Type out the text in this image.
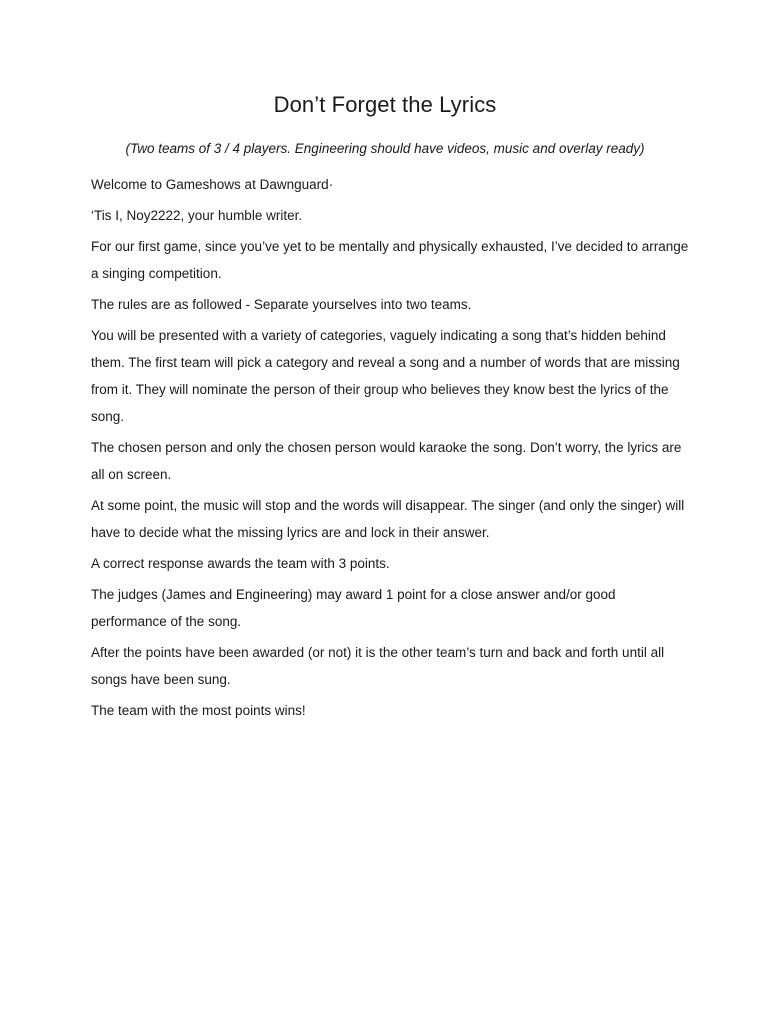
Don’t Forget the Lyrics

(Two teams of 3 / 4 players. Engineering should have videos, music and overlay ready)

Welcome to Gameshows at Dawnguard·

‘Tis I, Noy2222, your humble writer.

For our first game, since you’ve yet to be mentally and physically exhausted, I’ve decided to arrange a singing competition.

The rules are as followed - Separate yourselves into two teams.

You will be presented with a variety of categories, vaguely indicating a song that’s hidden behind them. The first team will pick a category and reveal a song and a number of words that are missing from it. They will nominate the person of their group who believes they know best the lyrics of the song.

The chosen person and only the chosen person would karaoke the song. Don’t worry, the lyrics are all on screen.

At some point, the music will stop and the words will disappear. The singer (and only the singer) will have to decide what the missing lyrics are and lock in their answer.

A correct response awards the team with 3 points.

The judges (James and Engineering) may award 1 point for a close answer and/or good performance of the song.

After the points have been awarded (or not) it is the other team’s turn and back and forth until all songs have been sung.

The team with the most points wins!
